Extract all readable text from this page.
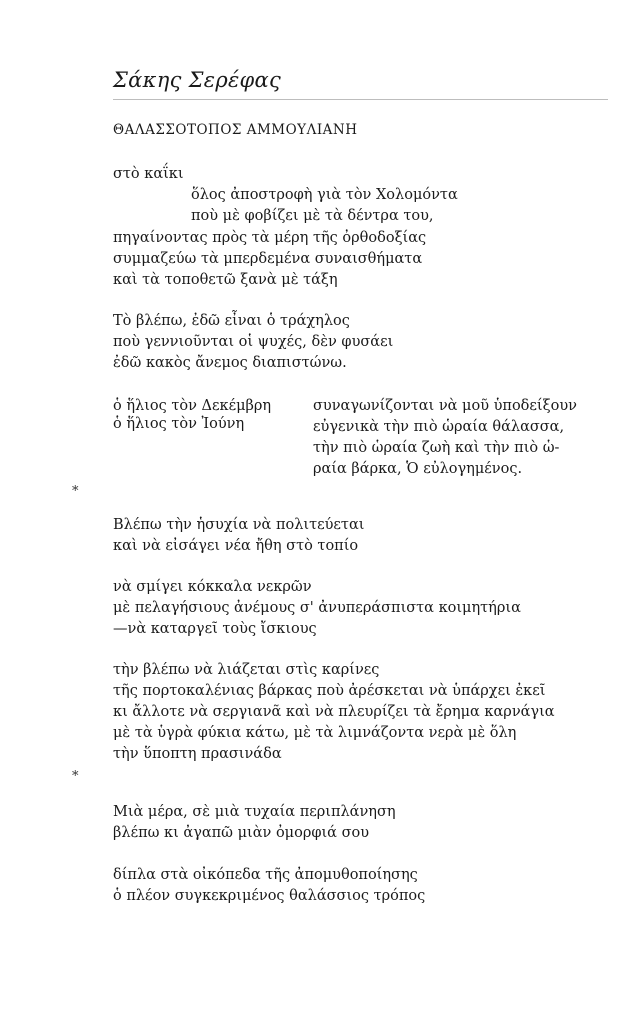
Σάκης Σερέφας
ΘΑΛΑΣΣΟΤΟΠΟΣ ΑΜΜΟΥΛΙΑΝΗ
στὸ καΐκι
ὅλος ἀποστροφὴ γιὰ τὸν Χολομόντα
ποὺ μὲ φοβίζει μὲ τὰ δέντρα του,
πηγαίνοντας πρὸς τὰ μέρη τῆς ὀρθοδοξίας
συμμαζεύω τὰ μπερδεμένα συναισθήματα
καὶ τὰ τοποθετῶ ξανὰ μὲ τάξη
Τὸ βλέπω, ἐδῶ εἶναι ὁ τράχηλος
ποὺ γεννιοῦνται οἱ ψυχές, δὲν φυσάει
ἐδῶ κακὸς ἄνεμος διαπιστώνω.
ὁ ἥλιος τὸν Δεκέμβρη
ὁ ἥλιος τὸν Ἰούνη
συναγωνίζονται νὰ μοῦ ὑποδείξουν
εὐγενικὰ τὴν πιὸ ὡραία θάλασσα,
τὴν πιὸ ὡραία ζωὴ καὶ τὴν πιὸ ὡ-
ραία βάρκα, Ὁ εὐλογημένος.
*
Βλέπω τὴν ἡσυχία νὰ πολιτεύεται
καὶ νὰ εἰσάγει νέα ἤθη στὸ τοπίο
νὰ σμίγει κόκκαλα νεκρῶν
μὲ πελαγήσιους ἀνέμους σ' ἀνυπεράσπιστα κοιμητήρια
—νὰ καταργεῖ τοὺς ἴσκιους
τὴν βλέπω νὰ λιάζεται στὶς καρίνες
τῆς πορτοκαλένιας βάρκας ποὺ ἀρέσκεται νὰ ὑπάρχει ἐκεῖ
κι ἄλλοτε νὰ σεργιανᾶ καὶ νὰ πλευρίζει τὰ ἔρημα καρνάγια
μὲ τὰ ὑγρὰ φύκια κάτω, μὲ τὰ λιμνάζοντα νερὰ μὲ ὅλη
τὴν ὕποπτη πρασινάδα
*
Μιὰ μέρα, σὲ μιὰ τυχαία περιπλάνηση
βλέπω κι ἀγαπῶ μιὰν ὀμορφιά σου
δίπλα στὰ οἰκόπεδα τῆς ἀπομυθοποίησης
ὁ πλέον συγκεκριμένος θαλάσσιος τρόπος
